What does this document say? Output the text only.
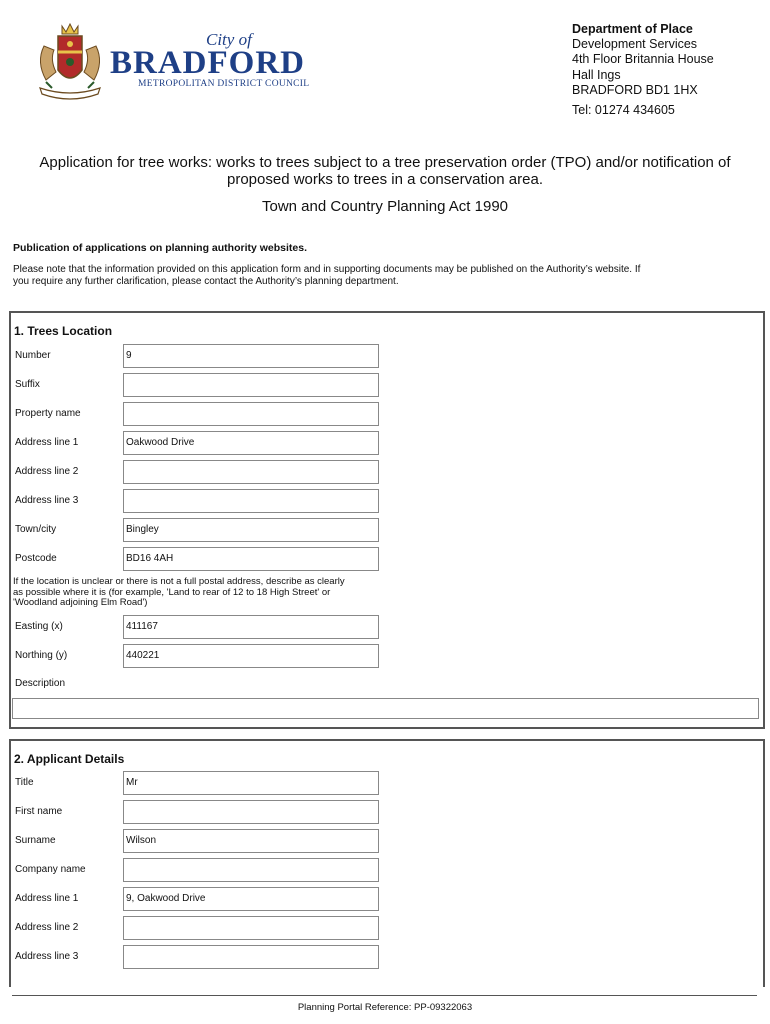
City of
BRADFORD
METROPOLITAN DISTRICT COUNCIL
Department of Place
Development Services
4th Floor Britannia House
Hall Ings
BRADFORD BD1 1HX
Tel: 01274 434605
Application for tree works: works to trees subject to a tree preservation order (TPO) and/or notification of
proposed works to trees in a conservation area.
Town and Country Planning Act 1990
Publication of applications on planning authority websites.
Please note that the information provided on this application form and in supporting documents may be published on the Authority’s website. If
you require any further clarification, please contact the Authority’s planning department.
1. Trees Location
Number	9
Suffix
Property name
Address line 1	Oakwood Drive
Address line 2
Address line 3
Town/city	Bingley
Postcode	BD16 4AH
If the location is unclear or there is not a full postal address, describe as clearly
as possible where it is (for example, 'Land to rear of 12 to 18 High Street' or
'Woodland adjoining Elm Road')
Easting (x)	411167
Northing (y)	440221
Description
2. Applicant Details
Title	Mr
First name
Surname	Wilson
Company name
Address line 1	9, Oakwood Drive
Address line 2
Address line 3
Planning Portal Reference: PP-09322063
